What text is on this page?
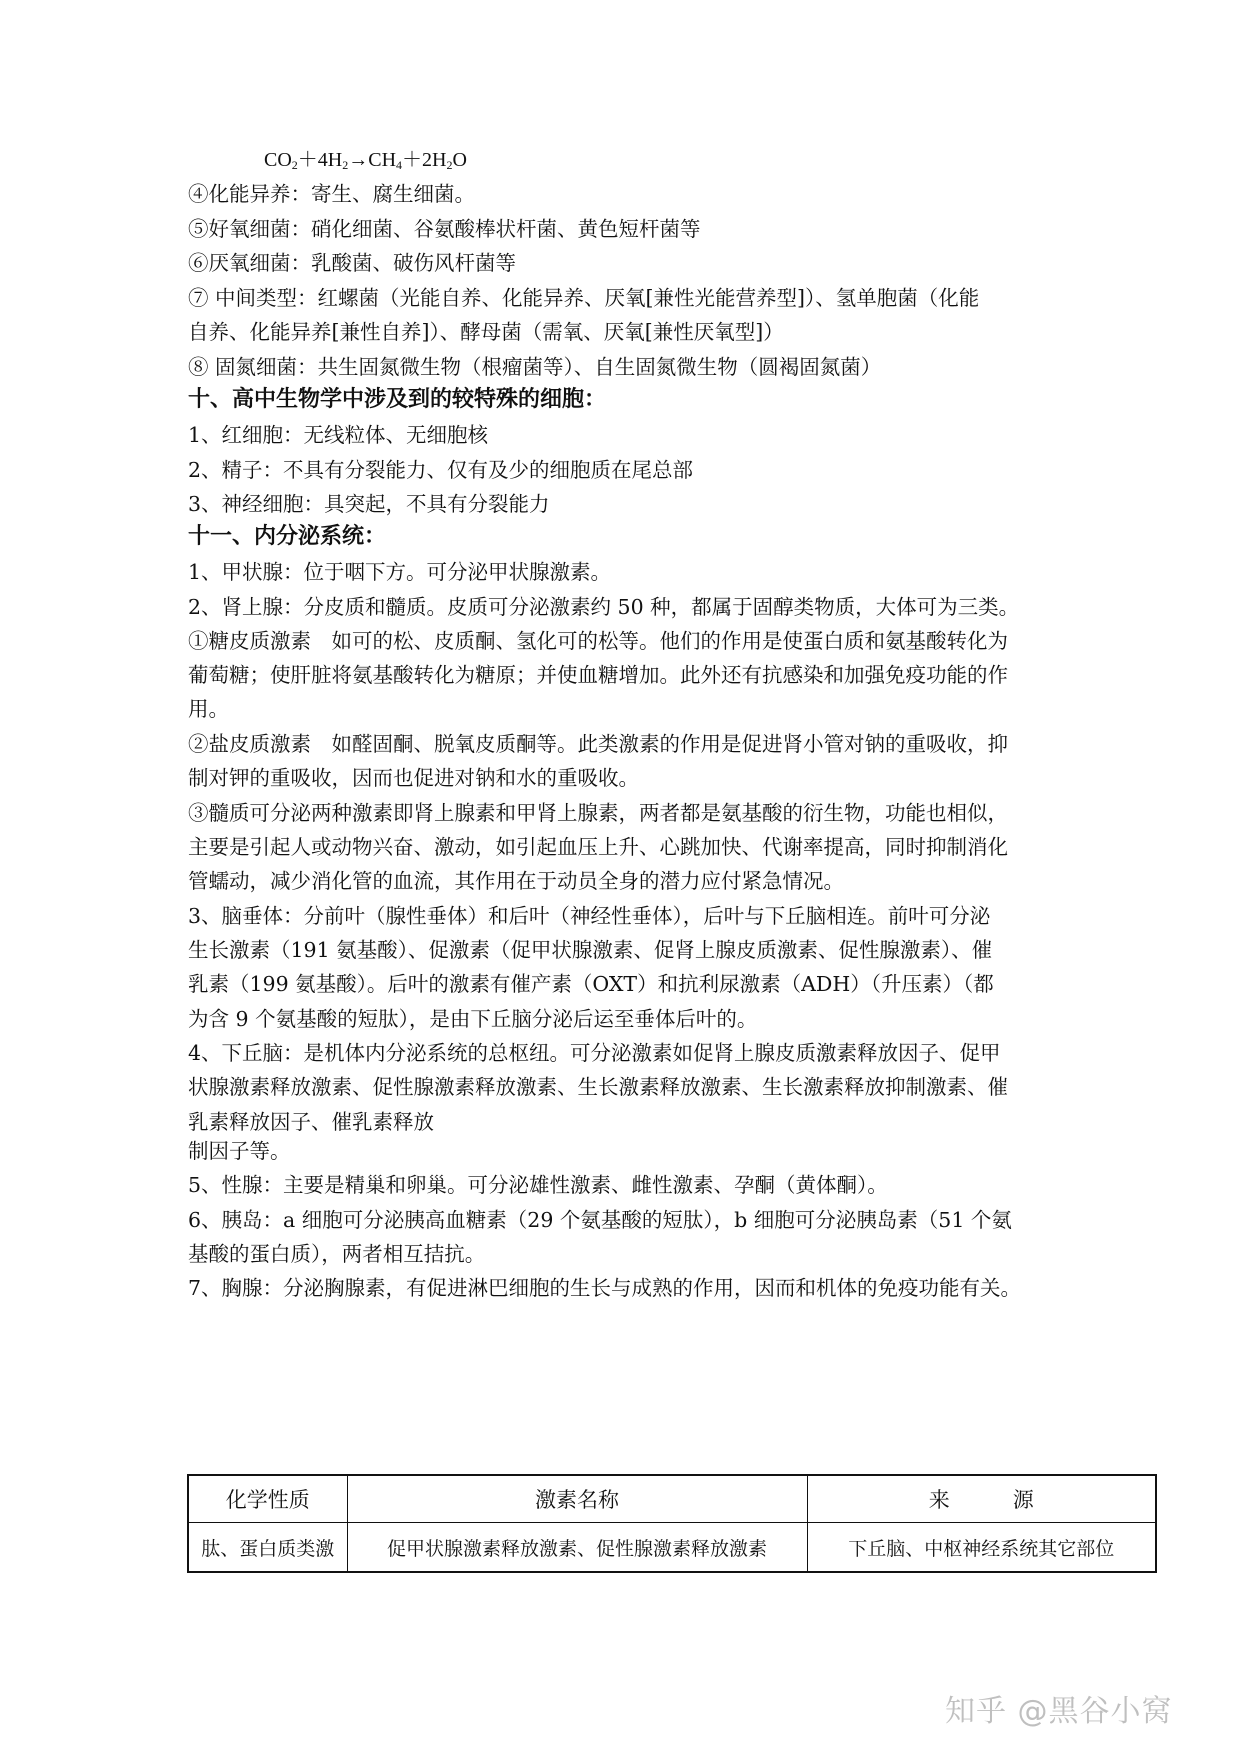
$CO_2+4H_2\to CH_4+2H_2O$
④化能异养：寄生、腐生细菌。
⑤好氧细菌：硝化细菌、谷氨酸棒状杆菌、黄色短杆菌等
⑥厌氧细菌：乳酸菌、破伤风杆菌等
⑦ 中间类型：红螺菌（光能自养、化能异养、厌氧[兼性光能营养型]）、氢单胞菌（化能
自养、化能异养[兼性自养]）、酵母菌（需氧、厌氧[兼性厌氧型]）
⑧ 固氮细菌：共生固氮微生物（根瘤菌等）、自生固氮微生物（圆褐固氮菌）
十、高中生物学中涉及到的较特殊的细胞：
1、红细胞：无线粒体、无细胞核
2、精子：不具有分裂能力、仅有及少的细胞质在尾总部
3、神经细胞：具突起，不具有分裂能力
十一、内分泌系统：
1、甲状腺：位于咽下方。可分泌甲状腺激素。
2、肾上腺：分皮质和髓质。皮质可分泌激素约 50 种，都属于固醇类物质，大体可为三类。
①糖皮质激素　如可的松、皮质酮、氢化可的松等。他们的作用是使蛋白质和氨基酸转化为
葡萄糖；使肝脏将氨基酸转化为糖原；并使血糖增加。此外还有抗感染和加强免疫功能的作
用。
②盐皮质激素　如醛固酮、脱氧皮质酮等。此类激素的作用是促进肾小管对钠的重吸收，抑
制对钾的重吸收，因而也促进对钠和水的重吸收。
③髓质可分泌两种激素即肾上腺素和甲肾上腺素，两者都是氨基酸的衍生物，功能也相似，
主要是引起人或动物兴奋、激动，如引起血压上升、心跳加快、代谢率提高，同时抑制消化
管蠕动，减少消化管的血流，其作用在于动员全身的潜力应付紧急情况。
3、脑垂体：分前叶（腺性垂体）和后叶（神经性垂体），后叶与下丘脑相连。前叶可分泌
生长激素（191 氨基酸）、促激素（促甲状腺激素、促肾上腺皮质激素、促性腺激素）、催
乳素（199 氨基酸）。后叶的激素有催产素（OXT）和抗利尿激素（ADH）（升压素）（都
为含 9 个氨基酸的短肽），是由下丘脑分泌后运至垂体后叶的。
4、下丘脑：是机体内分泌系统的总枢纽。可分泌激素如促肾上腺皮质激素释放因子、促甲
状腺激素释放激素、促性腺激素释放激素、生长激素释放激素、生长激素释放抑制激素、催
乳素释放因子、催乳素释放
制因子等。
5、性腺：主要是精巢和卵巢。可分泌雄性激素、雌性激素、孕酮（黄体酮）。
6、胰岛：a 细胞可分泌胰高血糖素（29 个氨基酸的短肽），b 细胞可分泌胰岛素（51 个氨
基酸的蛋白质），两者相互拮抗。
7、胸腺：分泌胸腺素，有促进淋巴细胞的生长与成熟的作用，因而和机体的免疫功能有关。
化学性质	激素名称	来　　　源
肽、蛋白质类激	促甲状腺激素释放激素、促性腺激素释放激素	下丘脑、中枢神经系统其它部位
知乎 @黑谷小窝
